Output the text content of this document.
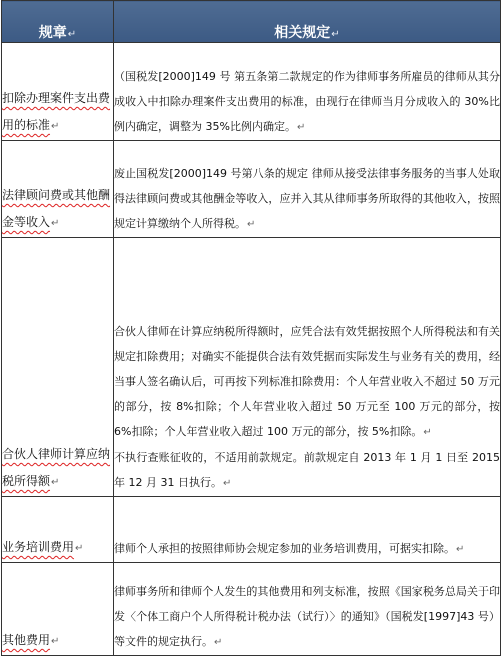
规章↵	相关规定↵
扣除办理案件支出费用的标准↵	（国税发[2000]149 号 第五条第二款规定的作为律师事务所雇员的律师从其分成收入中扣除办理案件支出费用的标准，由现行在律师当月分成收入的 30%比例内确定，调整为 35%比例内确定。↵

法律顾问费或其他酬金等收入↵	废止国税发[2000]149 号第八条的规定 律师从接受法律事务服务的当事人处取得法律顾问费或其他酬金等收入，应并入其从律师事务所取得的其他收入，按照规定计算缴纳个人所得税。↵

合伙人律师计算应纳税所得额↵	合伙人律师在计算应纳税所得额时，应凭合法有效凭据按照个人所得税法和有关规定扣除费用；对确实不能提供合法有效凭据而实际发生与业务有关的费用，经当事人签名确认后，可再按下列标准扣除费用：个人年营业收入不超过 50 万元的部分，按 8%扣除；个人年营业收入超过 50 万元至 100 万元的部分，按 6%扣除；个人年营业收入超过 100 万元的部分，按 5%扣除。↵

不执行查账征收的，不适用前款规定。前款规定自 2013 年 1 月 1 日至 2015 年 12 月 31 日执行。↵

业务培训费用↵	律师个人承担的按照律师协会规定参加的业务培训费用，可据实扣除。↵

其他费用↵	律师事务所和律师个人发生的其他费用和列支标准，按照《国家税务总局关于印发〈个体工商户个人所得税计税办法（试行）〉的通知》（国税发[1997]43 号）等文件的规定执行。↵
